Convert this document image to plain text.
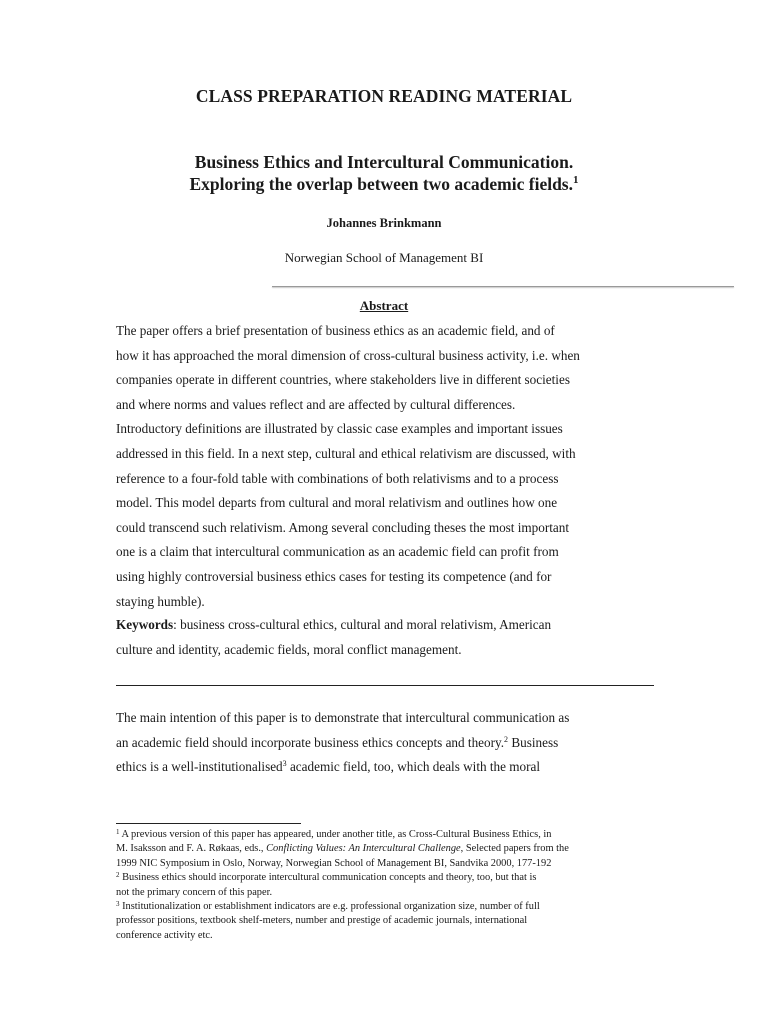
CLASS PREPARATION READING MATERIAL
Business Ethics and Intercultural Communication.
Exploring the overlap between two academic fields.$^1$
Johannes Brinkmann
Norwegian School of Management BI
Abstract
The paper offers a brief presentation of business ethics as an academic field, and of
how it has approached the moral dimension of cross-cultural business activity, i.e. when
companies operate in different countries, where stakeholders live in different societies
and where norms and values reflect and are affected by cultural differences.
Introductory definitions are illustrated by classic case examples and important issues
addressed in this field. In a next step, cultural and ethical relativism are discussed, with
reference to a four-fold table with combinations of both relativisms and to a process
model. This model departs from cultural and moral relativism and outlines how one
could transcend such relativism. Among several concluding theses the most important
one is a claim that intercultural communication as an academic field can profit from
using highly controversial business ethics cases for testing its competence (and for
staying humble).
Keywords: business cross-cultural ethics, cultural and moral relativism, American
culture and identity, academic fields, moral conflict management.
The main intention of this paper is to demonstrate that intercultural communication as
an academic field should incorporate business ethics concepts and theory.$^2$ Business
ethics is a well-institutionalised$^3$ academic field, too, which deals with the moral
$^1$ A previous version of this paper has appeared, under another title, as Cross-Cultural Business Ethics, in
M. Isaksson and F. A. Røkaas, eds., Conflicting Values: An Intercultural Challenge, Selected papers from the
1999 NIC Symposium in Oslo, Norway, Norwegian School of Management BI, Sandvika 2000, 177-192
$^2$ Business ethics should incorporate intercultural communication concepts and theory, too, but that is
not the primary concern of this paper.
$^3$ Institutionalization or establishment indicators are e.g. professional organization size, number of full
professor positions, textbook shelf-meters, number and prestige of academic journals, international
conference activity etc.
